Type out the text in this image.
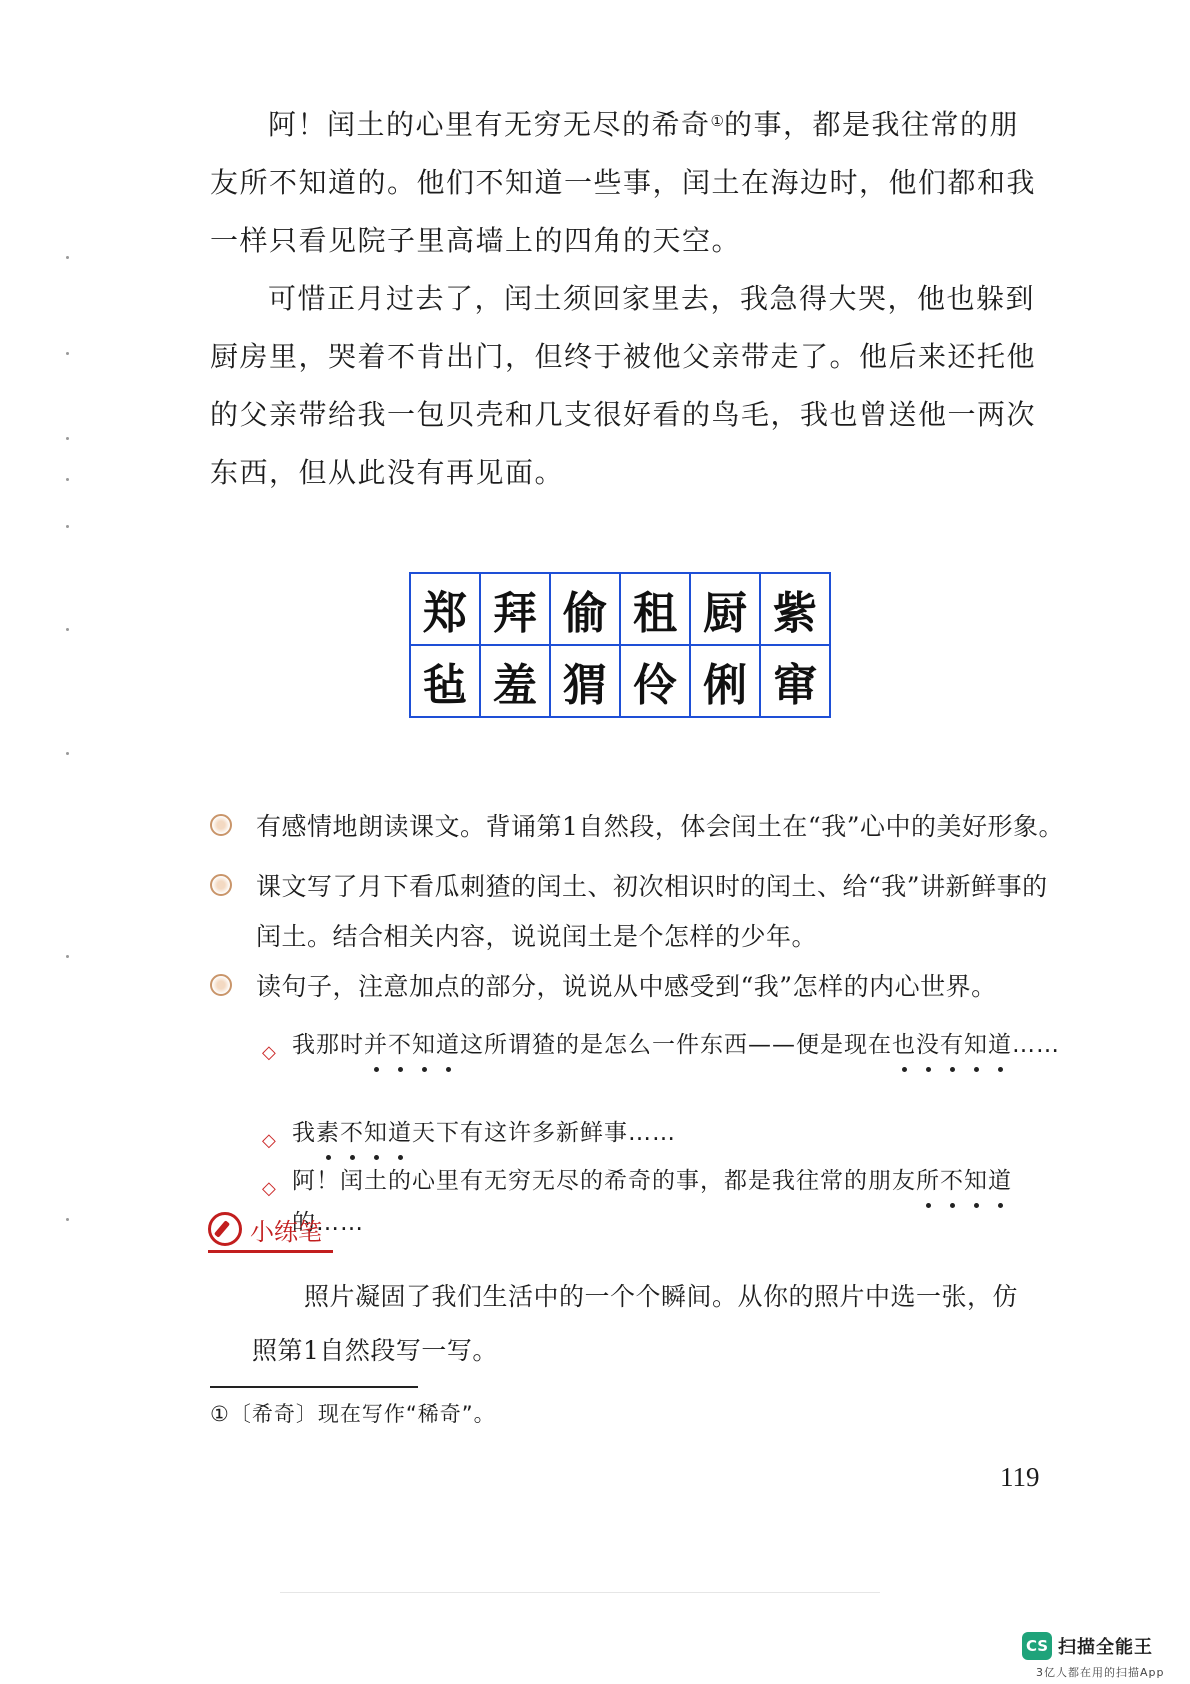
阿！闰土的心里有无穷无尽的希奇①的事，都是我往常的朋友所不知道的。他们不知道一些事，闰土在海边时，他们都和我一样只看见院子里高墙上的四角的天空。

可惜正月过去了，闰土须回家里去，我急得大哭，他也躲到厨房里，哭着不肯出门，但终于被他父亲带走了。他后来还托他的父亲带给我一包贝壳和几支很好看的鸟毛，我也曾送他一两次东西，但从此没有再见面。

郑	拜	偷	租	厨	紫
毡	羞	猬	伶	俐	窜
有感情地朗读课文。背诵第1自然段，体会闰土在“我”心中的美好形象。
课文写了月下看瓜刺猹的闰土、初次相识时的闰土、给“我”讲新鲜事的闰土。结合相关内容，说说闰土是个怎样的少年。
读句子，注意加点的部分，说说从中感受到“我”怎样的内心世界。
◇ 我那时并不知道这所谓猹的是怎么一件东西——便是现在也没有知道……
◇ 我素不知道天下有这许多新鲜事……
◇ 阿！闰土的心里有无穷无尽的希奇的事，都是我往常的朋友所不知道的……
小练笔

照片凝固了我们生活中的一个个瞬间。从你的照片中选一张，仿照第1自然段写一写。

①〔希奇〕现在写作“稀奇”。
119
CS 扫描全能王
3亿人都在用的扫描App
